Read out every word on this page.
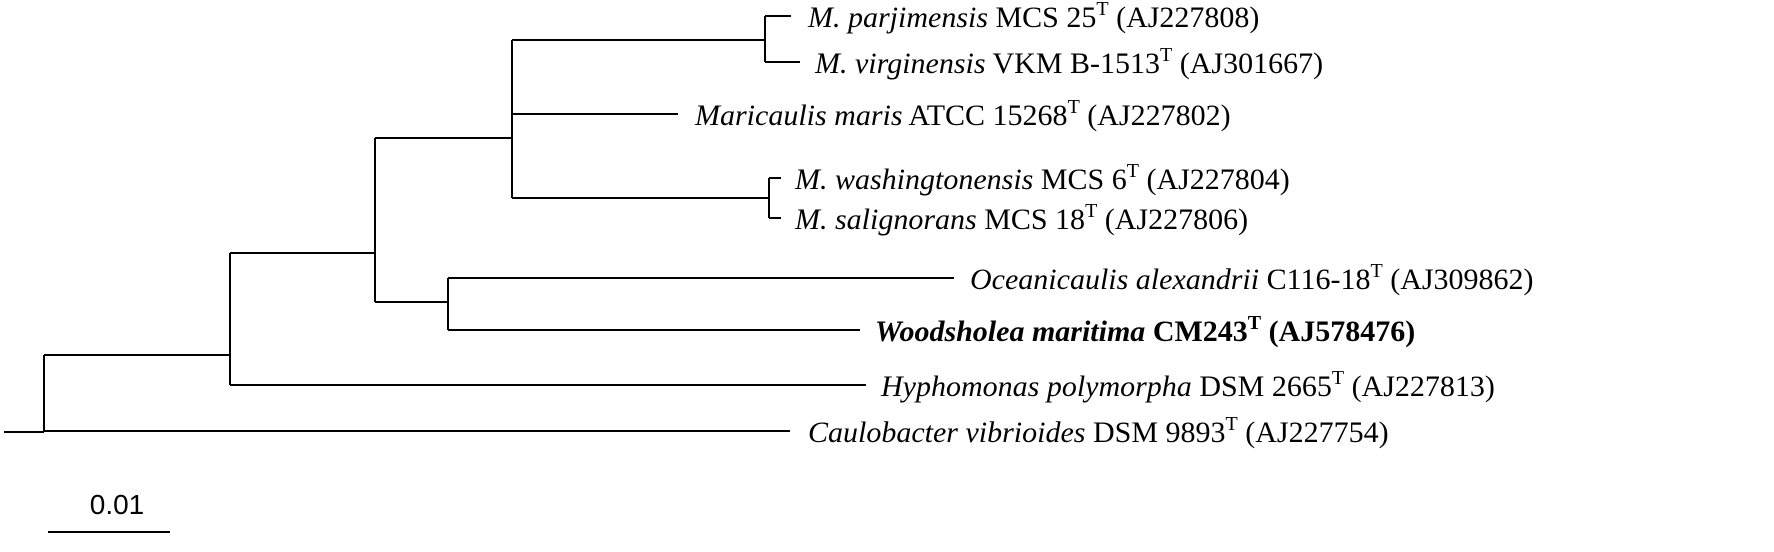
M. parjimensis MCS $25^T$ (AJ227808)
M. virginensis VKM $B-1513^T$ (AJ301667)
Maricaulis maris ATCC $15268^T$ (AJ227802)
M. washingtonensis MCS $6^T$ (AJ227804)
M. salignorans MCS $18^T$ (AJ227806)
Oceanicaulis alexandrii $C116-18^T$ (AJ309862)
Woodsholea maritima $CM243^T$ (AJ578476)
Hyphomonas polymorpha DSM $2665^T$ (AJ227813)
Caulobacter vibrioides DSM $9893^T$ (AJ227754)
0.01
